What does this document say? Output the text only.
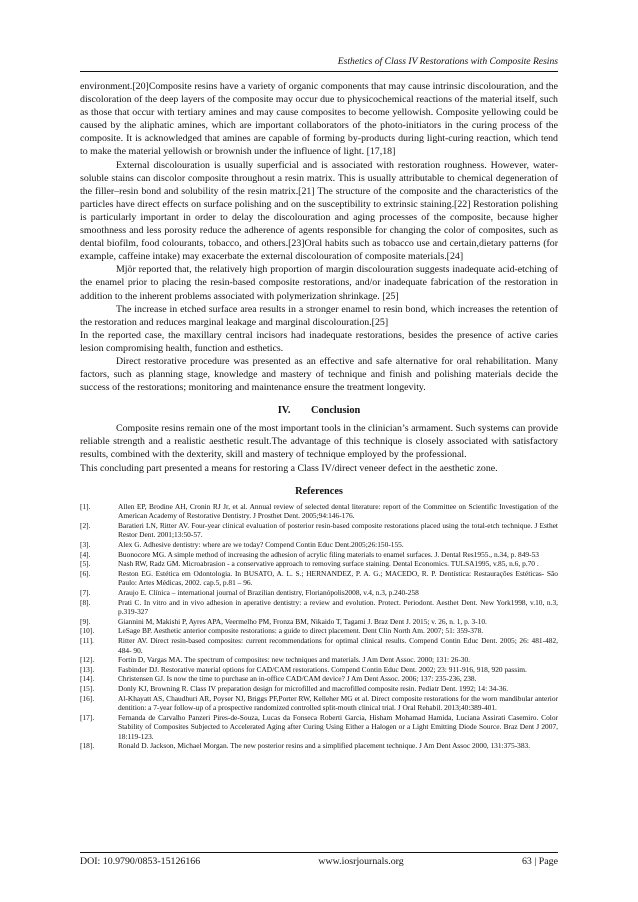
Esthetics of Class IV Restorations with Composite Resins

environment.[20]Composite resins have a variety of organic components that may cause intrinsic discolouration, and the discoloration of the deep layers of the composite may occur due to physicochemical reactions of the material itself, such as those that occur with tertiary amines and may cause composites to become yellowish. Composite yellowing could be caused by the aliphatic amines, which are important collaborators of the photo-initiators in the curing process of the composite. It is acknowledged that amines are capable of forming by-products during light-curing reaction, which tend to make the material yellowish or brownish under the influence of light. [17,18]

External discolouration is usually superficial and is associated with restoration roughness. However, water-soluble stains can discolor composite throughout a resin matrix. This is usually attributable to chemical degeneration of the filler–resin bond and solubility of the resin matrix.[21] The structure of the composite and the characteristics of the particles have direct effects on surface polishing and on the susceptibility to extrinsic staining.[22] Restoration polishing is particularly important in order to delay the discolouration and aging processes of the composite, because higher smoothness and less porosity reduce the adherence of agents responsible for changing the color of composites, such as dental biofilm, food colourants, tobacco, and others.[23]Oral habits such as tobacco use and certain,dietary patterns (for example, caffeine intake) may exacerbate the external discolouration of composite materials.[24]

Mjör reported that, the relatively high proportion of margin discolouration suggests inadequate acid-etching of the enamel prior to placing the resin-based composite restorations, and/or inadequate fabrication of the restoration in addition to the inherent problems associated with polymerization shrinkage. [25]

The increase in etched surface area results in a stronger enamel to resin bond, which increases the retention of the restoration and reduces marginal leakage and marginal discolouration.[25]

In the reported case, the maxillary central incisors had inadequate restorations, besides the presence of active caries lesion compromising health, function and esthetics.

Direct restorative procedure was presented as an effective and safe alternative for oral rehabilitation. Many factors, such as planning stage, knowledge and mastery of technique and finish and polishing materials decide the success of the restorations; monitoring and maintenance ensure the treatment longevity.

IV.        Conclusion

Composite resins remain one of the most important tools in the clinician’s armament. Such systems can provide reliable strength and a realistic aesthetic result.The advantage of this technique is closely associated with satisfactory results, combined with the dexterity, skill and mastery of technique employed by the professional.

This concluding part presented a means for restoring a Class IV/direct veneer defect in the aesthetic zone.

References
[1].	Allen EP, Brodine AH, Cronin RJ Jr, et al. Annual review of selected dental literature: report of the Committee on Scientific Investigation of the American Academy of Restorative Dentistry. J Prosthet Dent. 2005;94:146-176.
[2].	Baratieri LN, Ritter AV. Four-year clinical evaluation of posterior resin-based composite restorations placed using the total-etch technique. J Esthet Restor Dent. 2001;13:50-57.
[3].	Alex G. Adhesive dentistry: where are we today? Compend Contin Educ Dent.2005;26:150-155.
[4].	Buonocore MG. A simple method of increasing the adhesion of acrylic filing materials to enamel surfaces. J. Dental Res1955., n.34, p. 849-53
[5].	Nash RW, Radz GM. Microabrasion - a conservative approach to removing surface staining. Dental Economics. TULSA1995, v.85, n.6, p.70 .
[6].	Reston EG. Estética em Odontologia. In BUSATO, A. L. S.; HERNANDEZ, P. A. G.; MACEDO, R. P. Dentística: Restaurações Estéticas- São Paulo: Artes Médicas, 2002. cap.5, p.81 – 96.
[7].	Araujo E. Clínica – international journal of Brazilian dentistry, Florianópolis2008, v.4, n.3, p.240-258
[8].	Prati C. In vitro and in vivo adhesion in aperative dentistry: a review and evolution. Protect. Periodont. Aesthet Dent. New York1998, v.10, n.3, p.319-327
[9].	Giannini M, Makishi P, Ayres APA, Veermelho PM, Fronza BM, Nikaido T, Tagami J. Braz Dent J. 2015; v. 26, n. 1, p. 3-10.
[10].	LeSage BP. Aesthetic anterior composite restorations: a guide to direct placement. Dent Clin North Am. 2007; 51: 359-378.
[11].	Ritter AV. Direct resin-based composites: current recommendations for optimal clinical results. Compend Contin Educ Dent. 2005; 26: 481-482, 484- 90.
[12].	Fortin D, Vargas MA. The spectrum of composites: new techniques and materials. J Am Dent Assoc. 2000; 131: 26-30.
[13].	Fasbinder DJ. Restorative material options for CAD/CAM restorations. Compend Contin Educ Dent. 2002; 23: 911-916, 918, 920 passim.
[14].	Christensen GJ. Is now the time to purchase an in-office CAD/CAM device? J Am Dent Assoc. 2006; 137: 235-236, 238.
[15].	Donly KJ, Browning R. Class IV preparation design for microfilled and macrofilled composite resin. Pediatr Dent. 1992; 14: 34-36.
[16].	Al-Khayatt AS, Chaudhuri AR, Poyser NJ, Briggs PF,Porter RW, Kelleher MG et al. Direct composite restorations for the worn mandibular anterior dentition: a 7-year follow-up of a prospective randomized controlled split-mouth clinical trial. J Oral Rehabil. 2013;40:389-401.
[17].	Fernanda de Carvalho Panzeri Pires-de-Souza, Lucas da Fonseca Roberti Garcia, Hisham Mohamad Hamida, Luciana Assirati Casemiro. Color Stability of Composites Subjected to Accelerated Aging after Curing Using Either a Halogen or a Light Emitting Diode Source. Braz Dent J 2007, 18:119-123.
[18].	Ronald D. Jackson, Michael Morgan. The new posterior resins and a simplified placement technique. J Am Dent Assoc 2000, 131:375-383.
DOI: 10.9790/0853-15126166	www.iosrjournals.org	63 | Page
